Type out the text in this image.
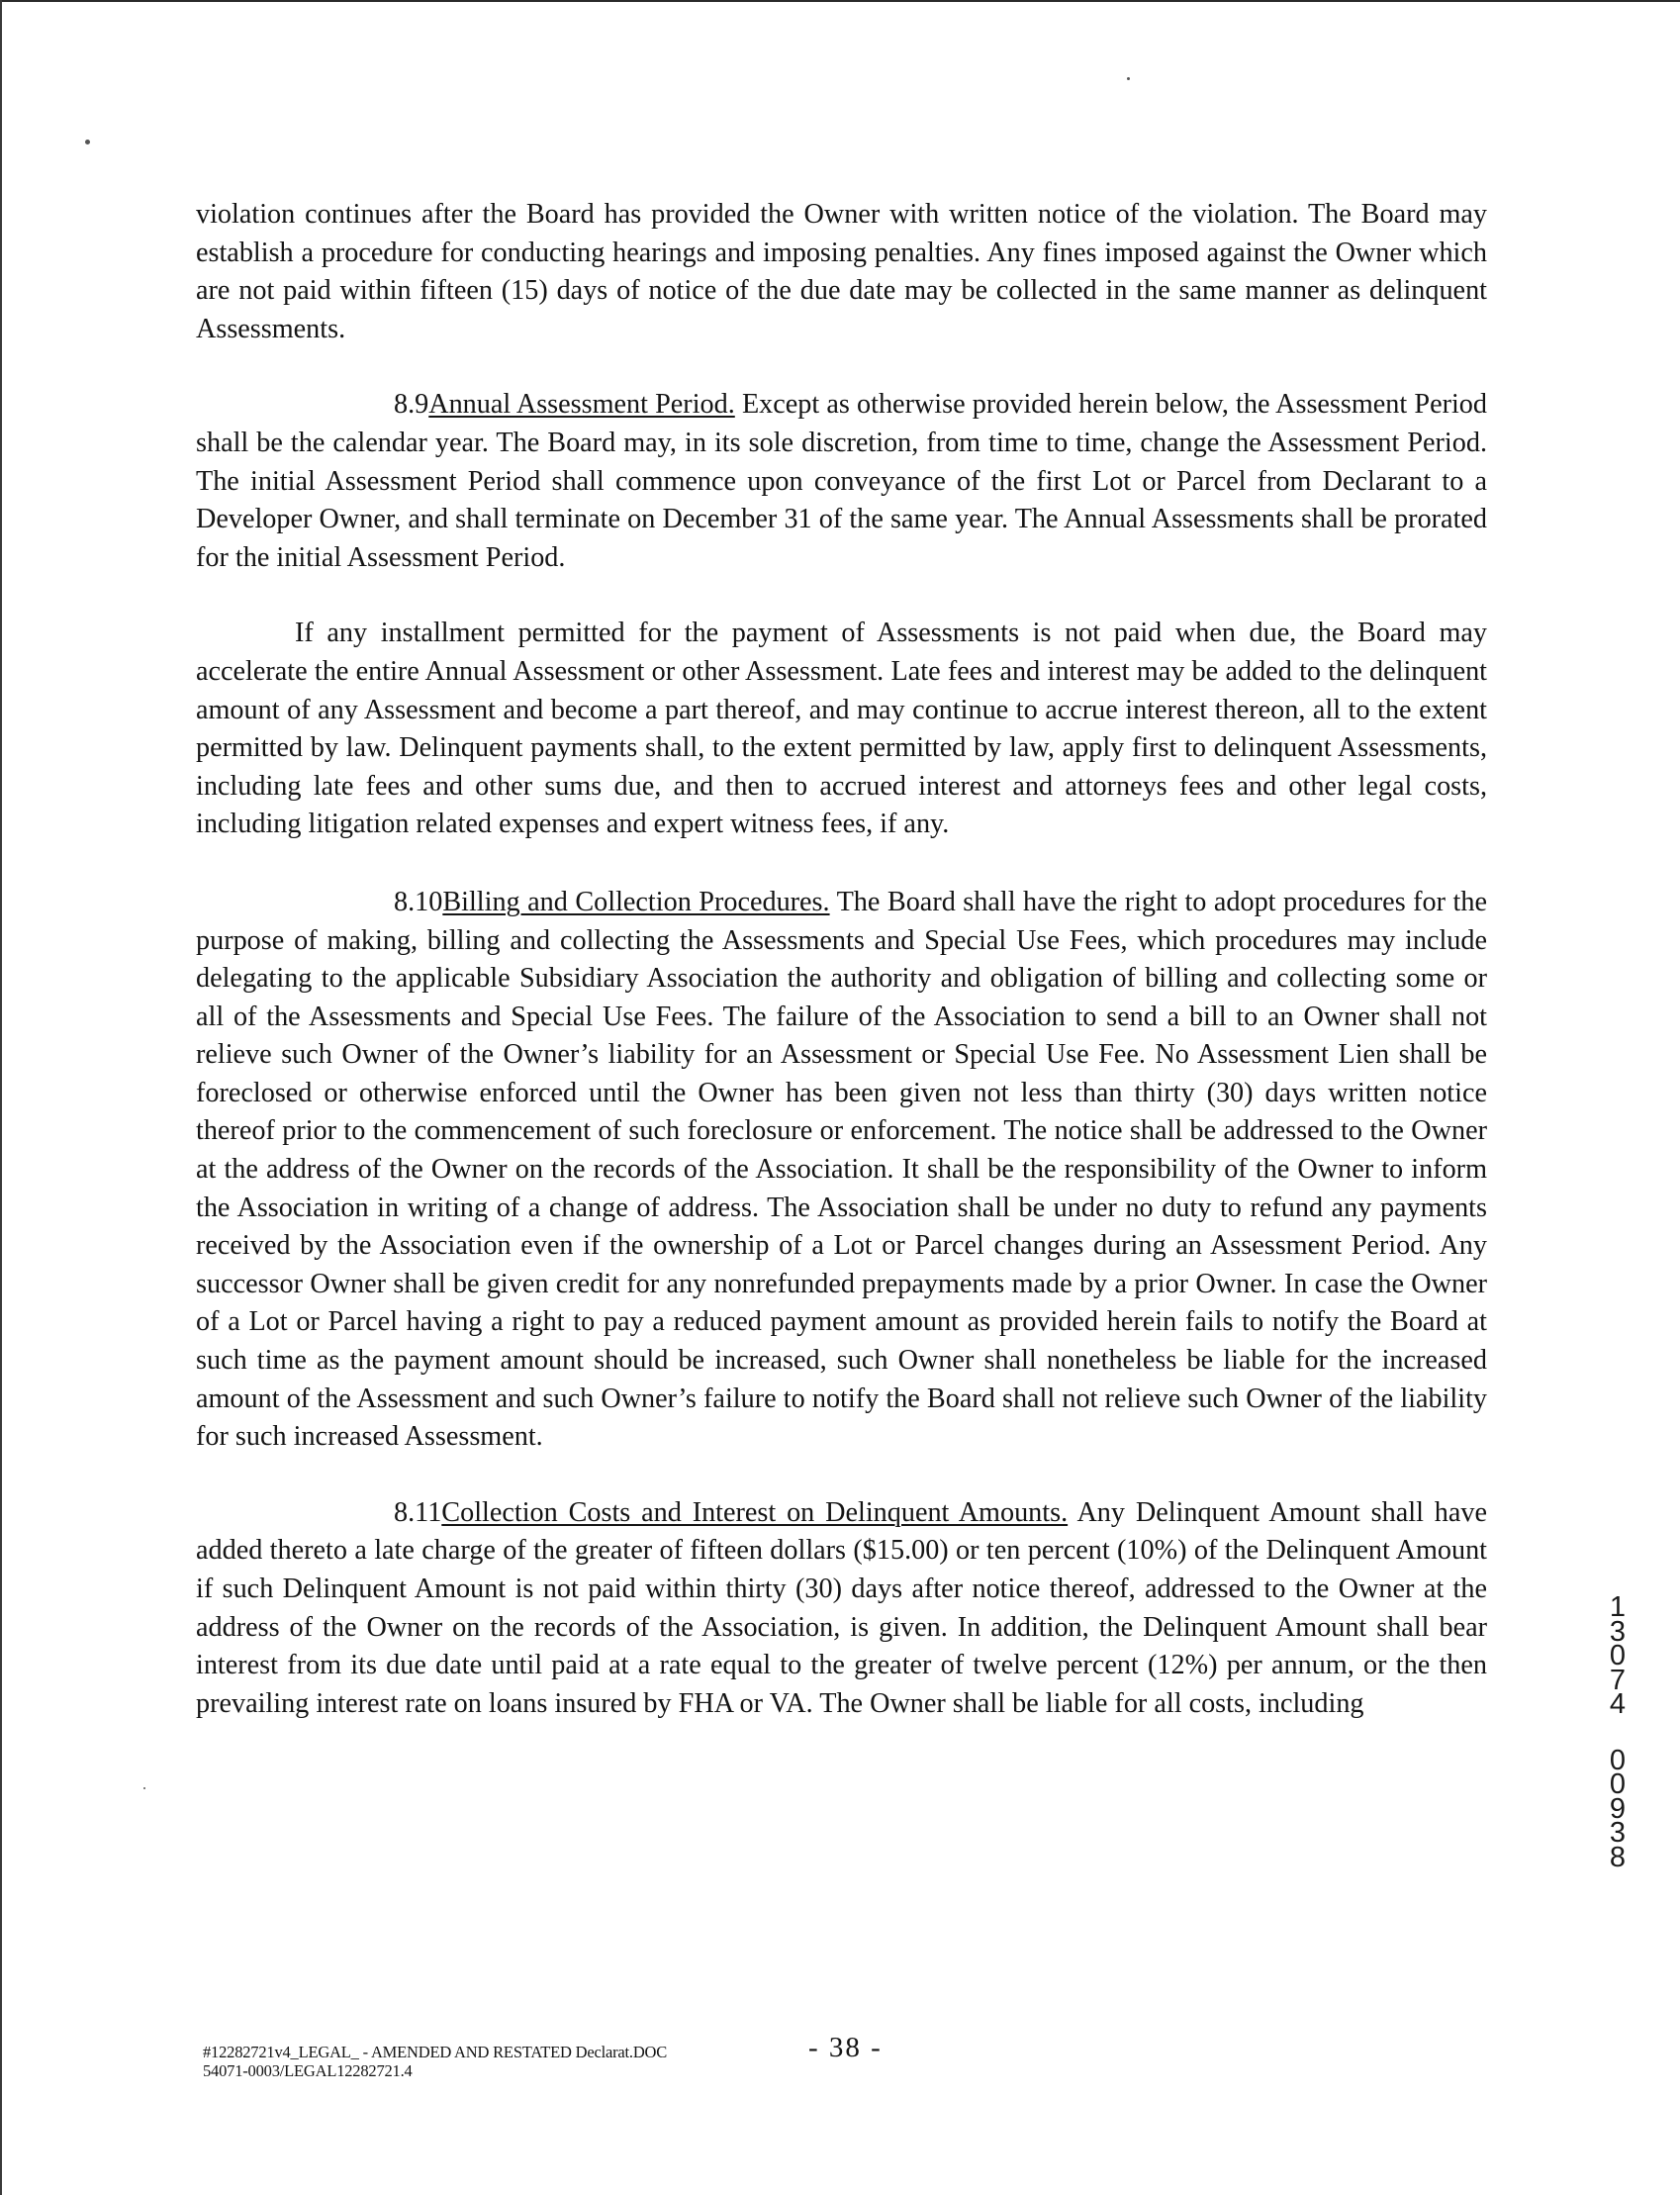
violation continues after the Board has provided the Owner with written notice of the violation. The Board may establish a procedure for conducting hearings and imposing penalties. Any fines imposed against the Owner which are not paid within fifteen (15) days of notice of the due date may be collected in the same manner as delinquent Assessments.

8.9Annual Assessment Period. Except as otherwise provided herein below, the Assessment Period shall be the calendar year. The Board may, in its sole discretion, from time to time, change the Assessment Period. The initial Assessment Period shall commence upon conveyance of the first Lot or Parcel from Declarant to a Developer Owner, and shall terminate on December 31 of the same year. The Annual Assessments shall be prorated for the initial Assessment Period.

If any installment permitted for the payment of Assessments is not paid when due, the Board may accelerate the entire Annual Assessment or other Assessment. Late fees and interest may be added to the delinquent amount of any Assessment and become a part thereof, and may continue to accrue interest thereon, all to the extent permitted by law. Delinquent payments shall, to the extent permitted by law, apply first to delinquent Assessments, including late fees and other sums due, and then to accrued interest and attorneys fees and other legal costs, including litigation related expenses and expert witness fees, if any.

8.10Billing and Collection Procedures. The Board shall have the right to adopt procedures for the purpose of making, billing and collecting the Assessments and Special Use Fees, which procedures may include delegating to the applicable Subsidiary Association the authority and obligation of billing and collecting some or all of the Assessments and Special Use Fees. The failure of the Association to send a bill to an Owner shall not relieve such Owner of the Owner’s liability for an Assessment or Special Use Fee. No Assessment Lien shall be foreclosed or otherwise enforced until the Owner has been given not less than thirty (30) days written notice thereof prior to the commencement of such foreclosure or enforcement. The notice shall be addressed to the Owner at the address of the Owner on the records of the Association. It shall be the responsibility of the Owner to inform the Association in writing of a change of address. The Association shall be under no duty to refund any payments received by the Association even if the ownership of a Lot or Parcel changes during an Assessment Period. Any successor Owner shall be given credit for any nonrefunded prepayments made by a prior Owner. In case the Owner of a Lot or Parcel having a right to pay a reduced payment amount as provided herein fails to notify the Board at such time as the payment amount should be increased, such Owner shall nonetheless be liable for the increased amount of the Assessment and such Owner’s failure to notify the Board shall not relieve such Owner of the liability for such increased Assessment.

8.11Collection Costs and Interest on Delinquent Amounts. Any Delinquent Amount shall have added thereto a late charge of the greater of fifteen dollars ($15.00) or ten percent (10%) of the Delinquent Amount if such Delinquent Amount is not paid within thirty (30) days after notice thereof, addressed to the Owner at the address of the Owner on the records of the Association, is given. In addition, the Delinquent Amount shall bear interest from its due date until paid at a rate equal to the greater of twelve percent (12%) per annum, or the then prevailing interest rate on loans insured by FHA or VA. The Owner shall be liable for all costs, including

#12282721v4_LEGAL_ - AMENDED AND RESTATED Declarat.DOC
54071-0003/LEGAL12282721.4
- 38 -
1
3
0
7
4
0
0
9
3
8
